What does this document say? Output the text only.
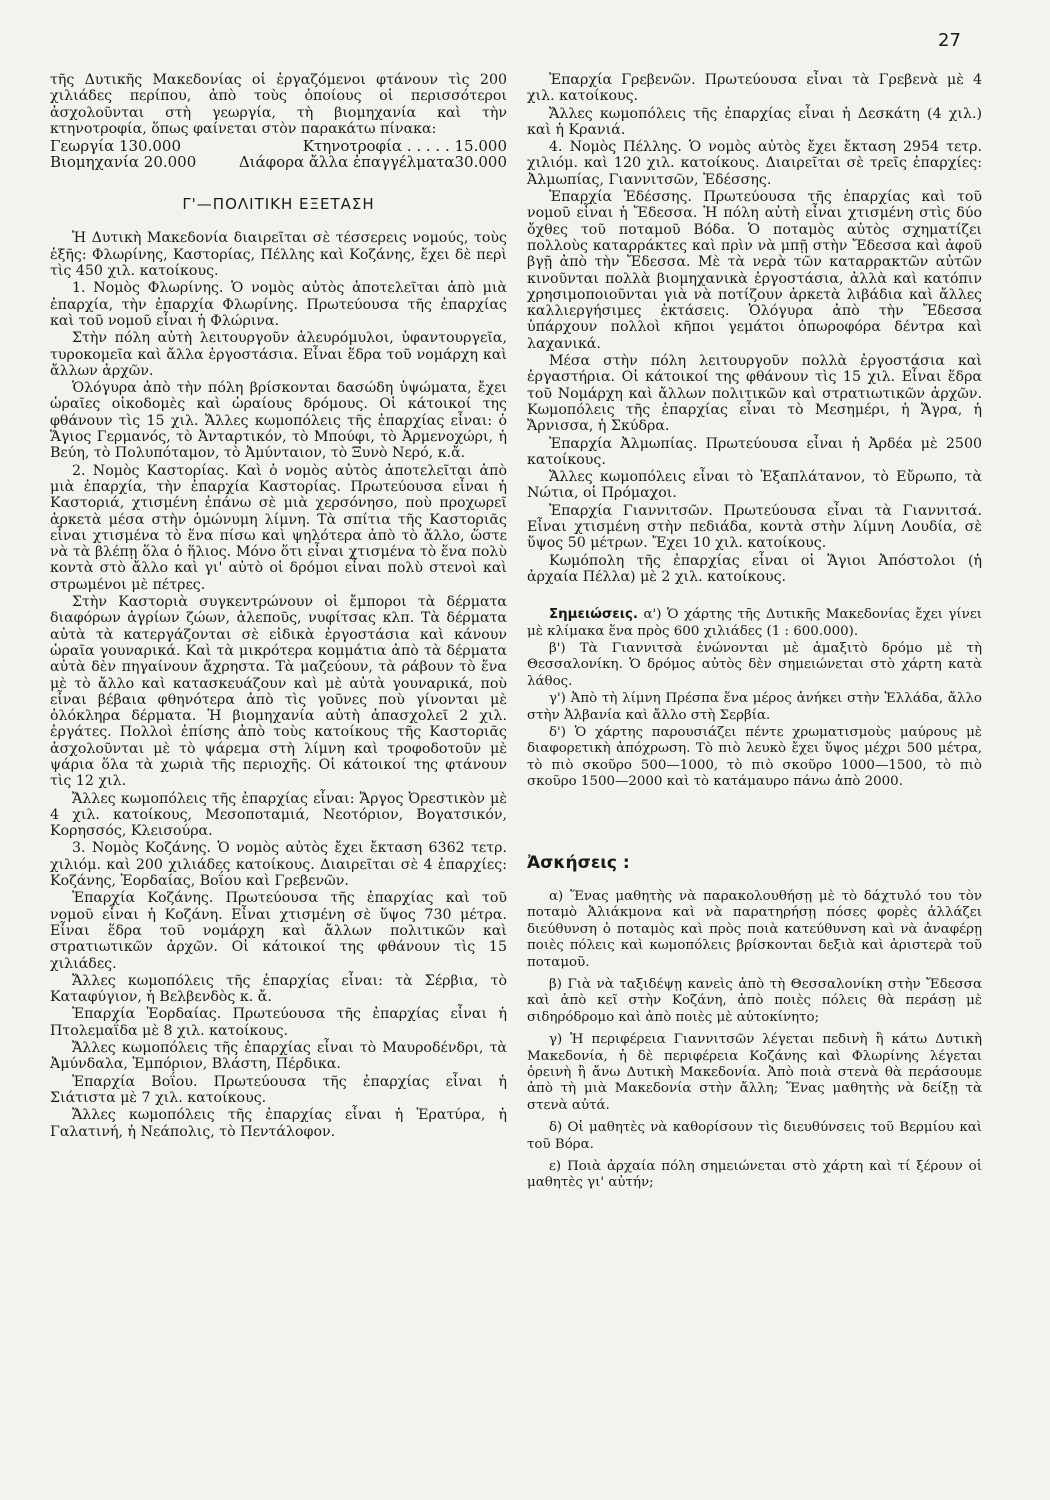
27

τῆς Δυτικῆς Μακεδονίας οἱ ἐργαζόμενοι φτάνουν τὶς 200 χιλιάδες περίπου, ἀπὸ τοὺς ὁποίους οἱ περισσότεροι ἀσχολοῦνται στὴ γεωργία, τὴ βιομηχανία καὶ τὴν κτηνοτροφία, ὅπως φαίνεται στὸν παρακάτω πίνακα:

Γεωργία 130.000	Κτηνοτροφία . . . . . 15.000
Βιομηχανία 20.000	Διάφορα ἄλλα ἐπαγγέλματα30.000
Γ'—ΠΟΛΙΤΙΚΗ ΕΞΕΤΑΣΗ

Ἡ Δυτικὴ Μακεδονία διαιρεῖται σὲ τέσσερεις νομούς, τοὺς ἑξῆς: Φλωρίνης, Καστορίας, Πέλλης καὶ Κοζάνης, ἔχει δὲ περὶ τὶς 450 χιλ. κατοίκους.

1. Νομὸς Φλωρίνης. Ὁ νομὸς αὐτὸς ἀποτελεῖται ἀπὸ μιὰ ἐπαρχία, τὴν ἐπαρχία Φλωρίνης. Πρωτεύουσα τῆς ἐπαρχίας καὶ τοῦ νομοῦ εἶναι ἡ Φλώρινα.

Στὴν πόλη αὐτὴ λειτουργοῦν ἀλευρόμυλοι, ὑφαντουργεῖα, τυροκομεῖα καὶ ἄλλα ἐργοστάσια. Εἶναι ἕδρα τοῦ νομάρχη καὶ ἄλλων ἀρχῶν.

Ὁλόγυρα ἀπὸ τὴν πόλη βρίσκονται δασώδη ὑψώματα, ἔχει ὡραῖες οἰκοδομὲς καὶ ὡραίους δρόμους. Οἱ κάτοικοί της φθάνουν τὶς 15 χιλ. Ἄλλες κωμοπόλεις τῆς ἐπαρχίας εἶναι: ὁ Ἅγιος Γερμανός, τὸ Ἀνταρτικόν, τὸ Μπούφι, τὸ Ἀρμενοχώρι, ἡ Βεύη, τὸ Πολυπόταμον, τὸ Ἀμύνταιον, τὸ Ξυνὸ Νερό, κ.ἄ.

2. Νομὸς Καστορίας. Καὶ ὁ νομὸς αὐτὸς ἀποτελεῖται ἀπὸ μιὰ ἐπαρχία, τὴν ἐπαρχία Καστορίας. Πρωτεύουσα εἶναι ἡ Καστοριά, χτισμένη ἐπάνω σὲ μιὰ χερσόνησο, ποὺ προχωρεῖ ἀρκετὰ μέσα στὴν ὁμώνυμη λίμνη. Τὰ σπίτια τῆς Καστοριᾶς εἶναι χτισμένα τὸ ἕνα πίσω καὶ ψηλότερα ἀπὸ τὸ ἄλλο, ὥστε νὰ τὰ βλέπῃ ὅλα ὁ ἥλιος. Μόνο ὅτι εἶναι χτισμένα τὸ ἕνα πολὺ κοντὰ στὸ ἄλλο καὶ γι' αὐτὸ οἱ δρόμοι εἶναι πολὺ στενοὶ καὶ στρωμένοι μὲ πέτρες.

Στὴν Καστοριὰ συγκεντρώνουν οἱ ἔμποροι τὰ δέρματα διαφόρων ἀγρίων ζώων, ἀλεποῦς, νυφίτσας κλπ. Τὰ δέρματα αὐτὰ τὰ κατεργάζονται σὲ εἰδικὰ ἐργοστάσια καὶ κάνουν ὡραῖα γουναρικά. Καὶ τὰ μικρότερα κομμάτια ἀπὸ τὰ δέρματα αὐτὰ δὲν πηγαίνουν ἄχρηστα. Τὰ μαζεύουν, τὰ ράβουν τὸ ἕνα μὲ τὸ ἄλλο καὶ κατασκευάζουν καὶ μὲ αὐτὰ γουναρικά, ποὺ εἶναι βέβαια φθηνότερα ἀπὸ τὶς γοῦνες ποὺ γίνονται μὲ ὁλόκληρα δέρματα. Ἡ βιομηχανία αὐτὴ ἀπασχολεῖ 2 χιλ. ἐργάτες. Πολλοὶ ἐπίσης ἀπὸ τοὺς κατοίκους τῆς Καστοριᾶς ἀσχολοῦνται μὲ τὸ ψάρεμα στὴ λίμνη καὶ τροφοδοτοῦν μὲ ψάρια ὅλα τὰ χωριὰ τῆς περιοχῆς. Οἱ κάτοικοί της φτάνουν τὶς 12 χιλ.

Ἄλλες κωμοπόλεις τῆς ἐπαρχίας εἶναι: Ἄργος Ὀρεστικὸν μὲ 4 χιλ. κατοίκους, Μεσοποταμιά, Νεοτόριον, Βογατσικόν, Κορησσός, Κλεισούρα.

3. Νομὸς Κοζάνης. Ὁ νομὸς αὐτὸς ἔχει ἔκταση 6362 τετρ. χιλιόμ. καὶ 200 χιλιάδες κατοίκους. Διαιρεῖται σὲ 4 ἐπαρχίες: Κοζάνης, Ἐορδαίας, Βοΐου καὶ Γρεβενῶν.

Ἐπαρχία Κοζάνης. Πρωτεύουσα τῆς ἐπαρχίας καὶ τοῦ νομοῦ εἶναι ἡ Κοζάνη. Εἶναι χτισμένη σὲ ὕψος 730 μέτρα. Εἶναι ἕδρα τοῦ νομάρχη καὶ ἄλλων πολιτικῶν καὶ στρατιωτικῶν ἀρχῶν. Οἱ κάτοικοί της φθάνουν τὶς 15 χιλιάδες.

Ἄλλες κωμοπόλεις τῆς ἐπαρχίας εἶναι: τὰ Σέρβια, τὸ Καταφύγιον, ἡ Βελβενδὸς κ. ἄ.

Ἐπαρχία Ἐορδαίας. Πρωτεύουσα τῆς ἐπαρχίας εἶναι ἡ Πτολεμαΐδα μὲ 8 χιλ. κατοίκους.

Ἄλλες κωμοπόλεις τῆς ἐπαρχίας εἶναι τὸ Μαυροδένδρι, τὰ Ἀμύνδαλα, Ἐμπόριον, Βλάστη, Πέρδικα.

Ἐπαρχία Βοΐου. Πρωτεύουσα τῆς ἐπαρχίας εἶναι ἡ Σιάτιστα μὲ 7 χιλ. κατοίκους.

Ἄλλες κωμοπόλεις τῆς ἐπαρχίας εἶναι ἡ Ἐρατύρα, ἡ Γαλατινή, ἡ Νεάπολις, τὸ Πεντάλοφον.

Ἐπαρχία Γρεβενῶν. Πρωτεύουσα εἶναι τὰ Γρεβενὰ μὲ 4 χιλ. κατοίκους.

Ἄλλες κωμοπόλεις τῆς ἐπαρχίας εἶναι ἡ Δεσκάτη (4 χιλ.) καὶ ἡ Κρανιά.

4. Νομὸς Πέλλης. Ὁ νομὸς αὐτὸς ἔχει ἔκταση 2954 τετρ. χιλιόμ. καὶ 120 χιλ. κατοίκους. Διαιρεῖται σὲ τρεῖς ἐπαρχίες: Ἀλμωπίας, Γιαννιτσῶν, Ἐδέσσης.

Ἐπαρχία Ἐδέσσης. Πρωτεύουσα τῆς ἐπαρχίας καὶ τοῦ νομοῦ εἶναι ἡ Ἔδεσσα. Ἡ πόλη αὐτὴ εἶναι χτισμένη στὶς δύο ὄχθες τοῦ ποταμοῦ Βόδα. Ὁ ποταμὸς αὐτὸς σχηματίζει πολλοὺς καταρράκτες καὶ πρὶν νὰ μπῇ στὴν Ἔδεσσα καὶ ἀφοῦ βγῇ ἀπὸ τὴν Ἔδεσσα. Μὲ τὰ νερὰ τῶν καταρρακτῶν αὐτῶν κινοῦνται πολλὰ βιομηχανικὰ ἐργοστάσια, ἀλλὰ καὶ κατόπιν χρησιμοποιοῦνται γιὰ νὰ ποτίζουν ἀρκετὰ λιβάδια καὶ ἄλλες καλλιεργήσιμες ἐκτάσεις. Ὁλόγυρα ἀπὸ τὴν Ἔδεσσα ὑπάρχουν πολλοὶ κῆποι γεμάτοι ὀπωροφόρα δέντρα καὶ λαχανικά.

Μέσα στὴν πόλη λειτουργοῦν πολλὰ ἐργοστάσια καὶ ἐργαστήρια. Οἱ κάτοικοί της φθάνουν τὶς 15 χιλ. Εἶναι ἕδρα τοῦ Νομάρχη καὶ ἄλλων πολιτικῶν καὶ στρατιωτικῶν ἀρχῶν. Κωμοπόλεις τῆς ἐπαρχίας εἶναι τὸ Μεσημέρι, ἡ Ἄγρα, ἡ Ἄρνισσα, ἡ Σκύδρα.

Ἐπαρχία Ἀλμωπίας. Πρωτεύουσα εἶναι ἡ Ἀρδέα μὲ 2500 κατοίκους.

Ἄλλες κωμοπόλεις εἶναι τὸ Ἐξαπλάτανον, τὸ Εὔρωπο, τὰ Νώτια, οἱ Πρόμαχοι.

Ἐπαρχία Γιαννιτσῶν. Πρωτεύουσα εἶναι τὰ Γιαννιτσά. Εἶναι χτισμένη στὴν πεδιάδα, κοντὰ στὴν λίμνη Λουδία, σὲ ὕψος 50 μέτρων. Ἔχει 10 χιλ. κατοίκους.

Κωμόπολη τῆς ἐπαρχίας εἶναι οἱ Ἅγιοι Ἀπόστολοι (ἡ ἀρχαία Πέλλα) μὲ 2 χιλ. κατοίκους.

Σημειώσεις. α') Ὁ χάρτης τῆς Δυτικῆς Μακεδονίας ἔχει γίνει μὲ κλίμακα ἕνα πρὸς 600 χιλιάδες (1 : 600.000).

β') Τὰ Γιαννιτσὰ ἑνώνονται μὲ ἁμαξιτὸ δρόμο μὲ τὴ Θεσσαλονίκη. Ὁ δρόμος αὐτὸς δὲν σημειώνεται στὸ χάρτη κατὰ λάθος.

γ') Ἀπὸ τὴ λίμνη Πρέσπα ἕνα μέρος ἀνήκει στὴν Ἑλλάδα, ἄλλο στὴν Ἀλβανία καὶ ἄλλο στὴ Σερβία.

δ') Ὁ χάρτης παρουσιάζει πέντε χρωματισμοὺς μαύρους μὲ διαφορετικὴ ἀπόχρωση. Τὸ πιὸ λευκὸ ἔχει ὕψος μέχρι 500 μέτρα, τὸ πιὸ σκοῦρο 500—1000, τὸ πιὸ σκοῦρο 1000—1500, τὸ πιὸ σκοῦρο 1500—2000 καὶ τὸ κατάμαυρο πάνω ἀπὸ 2000.

Ἀσκήσεις :

α) Ἕνας μαθητὴς νὰ παρακολουθήσῃ μὲ τὸ δάχτυλό του τὸν ποταμὸ Ἀλιάκμονα καὶ νὰ παρατηρήσῃ πόσες φορὲς ἀλλάζει διεύθυνση ὁ ποταμὸς καὶ πρὸς ποιὰ κατεύθυνση καὶ νὰ ἀναφέρῃ ποιὲς πόλεις καὶ κωμοπόλεις βρίσκονται δεξιὰ καὶ ἀριστερὰ τοῦ ποταμοῦ.

β) Γιὰ νὰ ταξιδέψῃ κανεὶς ἀπὸ τὴ Θεσσαλονίκη στὴν Ἔδεσσα καὶ ἀπὸ κεῖ στὴν Κοζάνη, ἀπὸ ποιὲς πόλεις θὰ περάσῃ μὲ σιδηρόδρομο καὶ ἀπὸ ποιὲς μὲ αὐτοκίνητο;

γ) Ἡ περιφέρεια Γιαννιτσῶν λέγεται πεδινὴ ἢ κάτω Δυτικὴ Μακεδονία, ἡ δὲ περιφέρεια Κοζάνης καὶ Φλωρίνης λέγεται ὀρεινὴ ἢ ἄνω Δυτικὴ Μακεδονία. Ἀπὸ ποιὰ στενὰ θὰ περάσουμε ἀπὸ τὴ μιὰ Μακεδονία στὴν ἄλλη; Ἕνας μαθητὴς νὰ δείξῃ τὰ στενὰ αὐτά.

δ) Οἱ μαθητὲς νὰ καθορίσουν τὶς διευθύνσεις τοῦ Βερμίου καὶ τοῦ Βόρα.

ε) Ποιὰ ἀρχαία πόλη σημειώνεται στὸ χάρτη καὶ τί ξέρουν οἱ μαθητὲς γι' αὐτήν;
